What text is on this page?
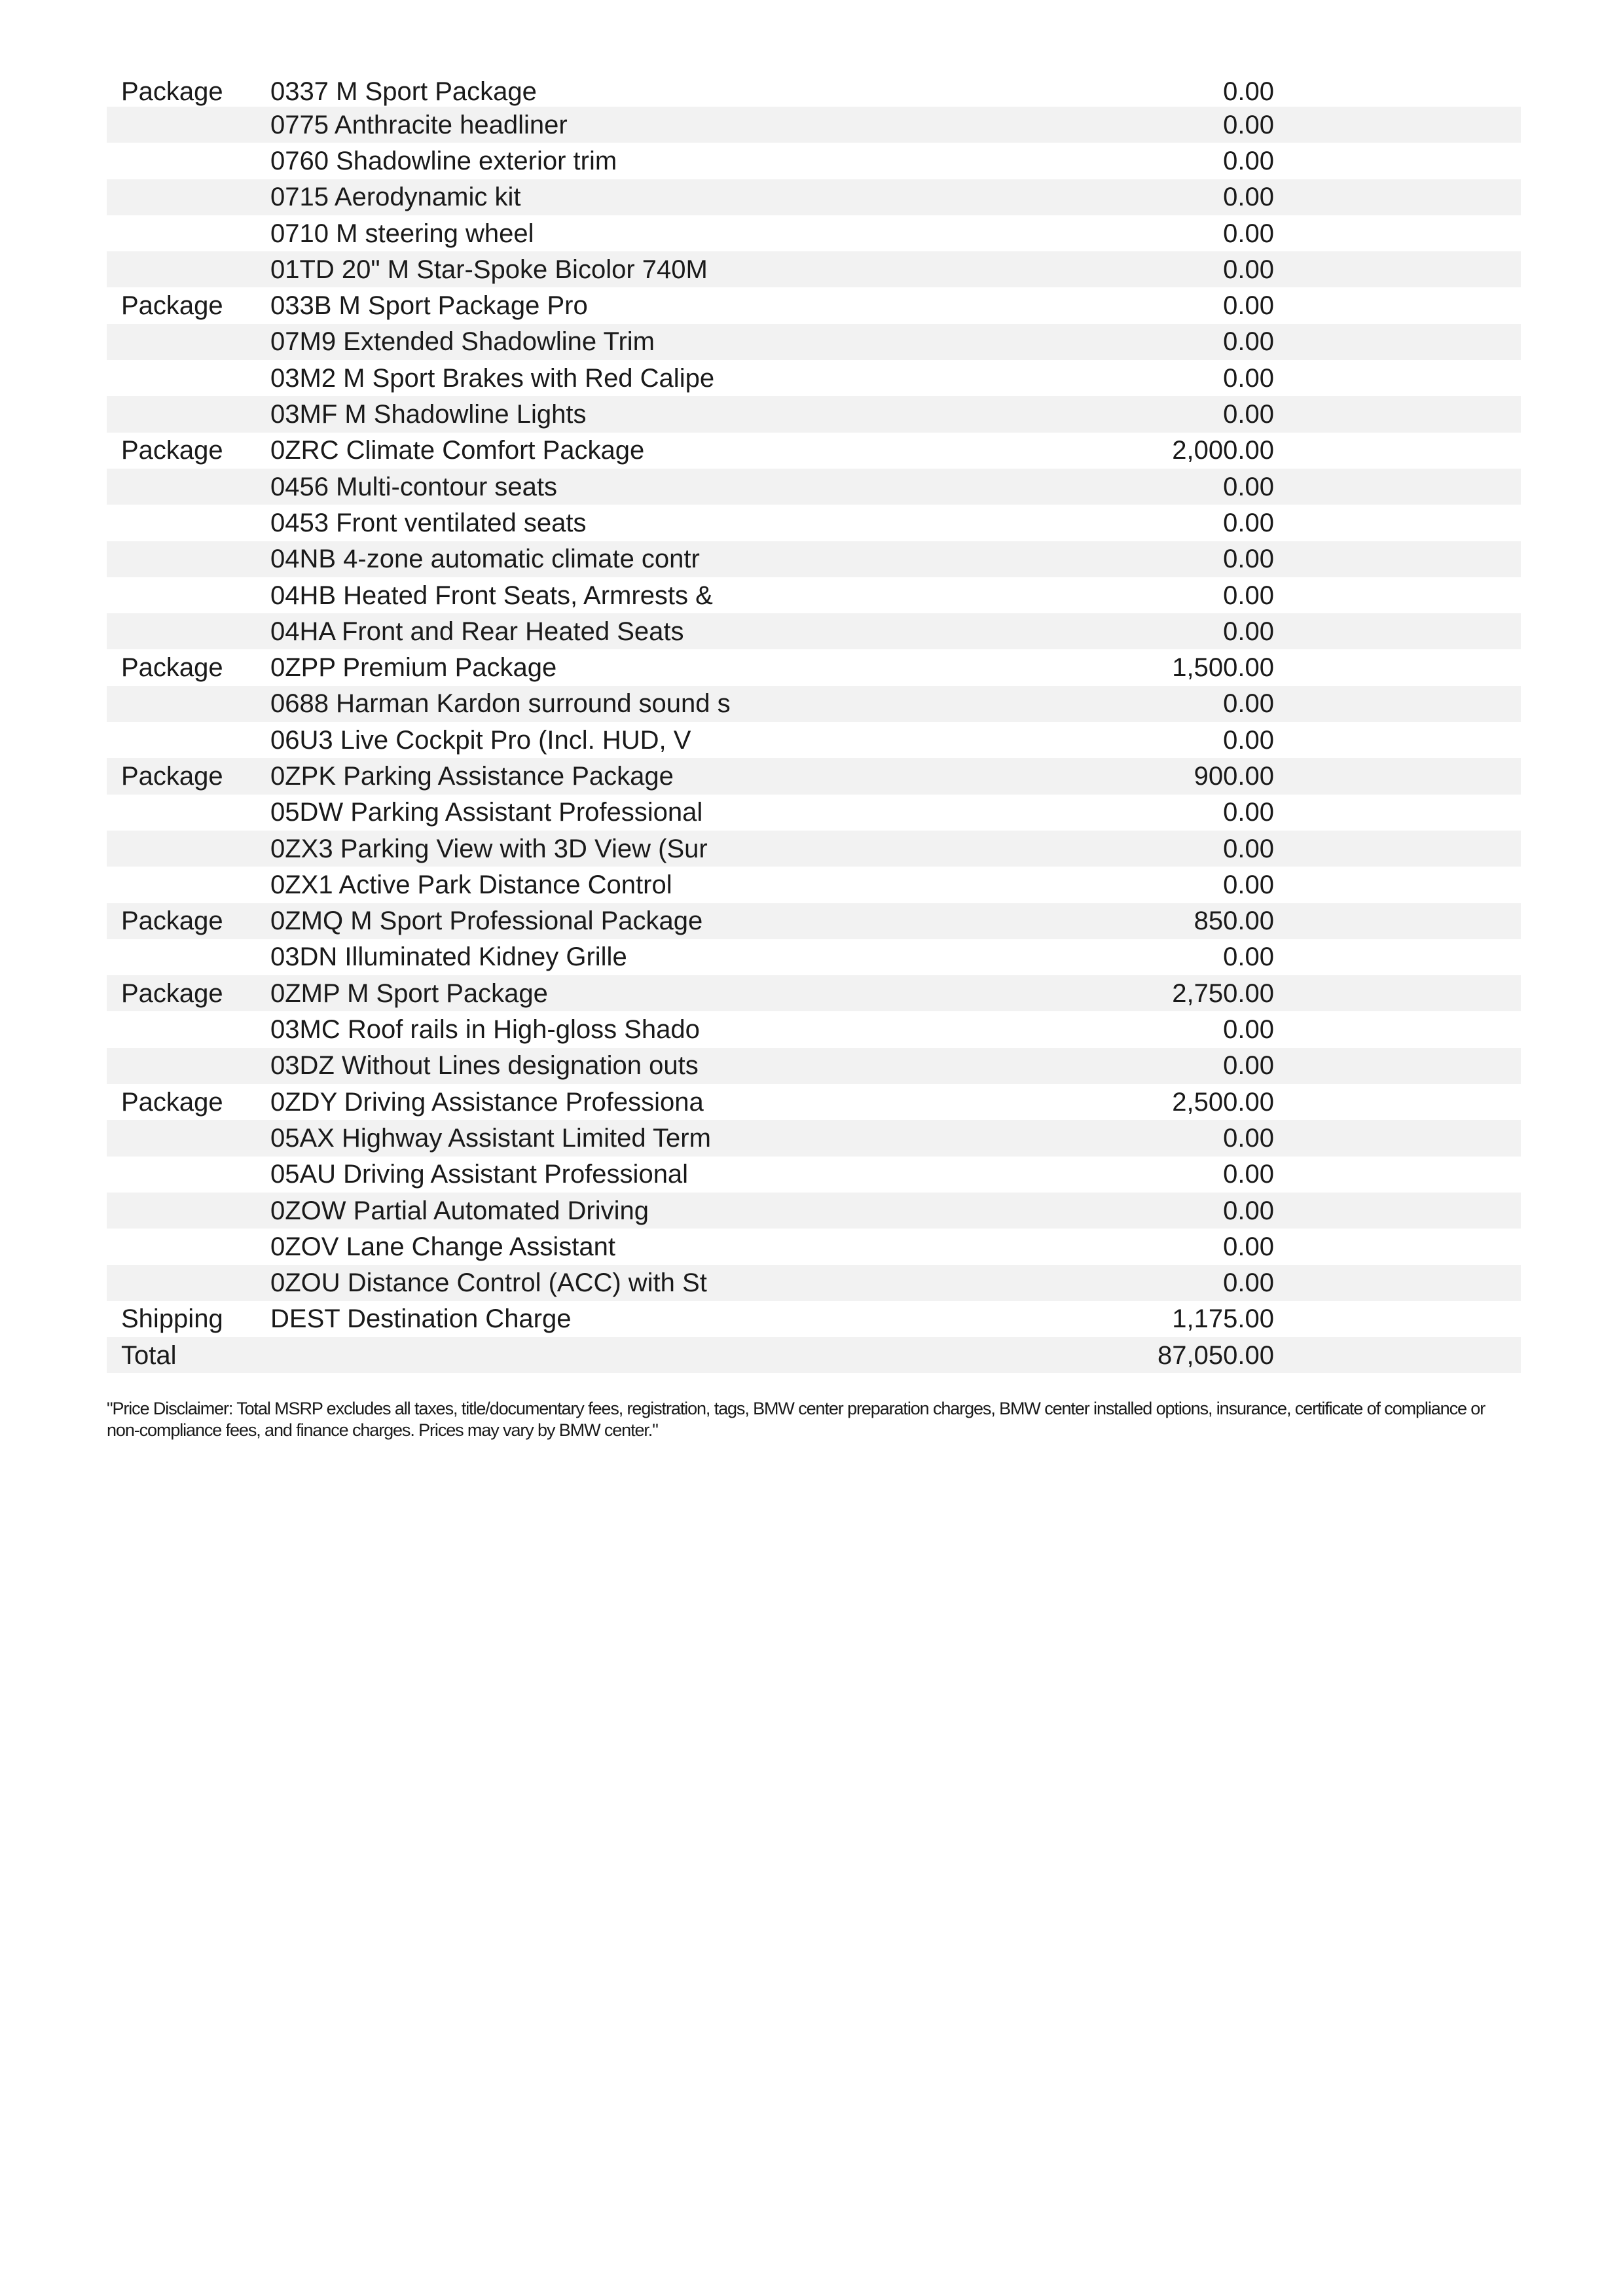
Package	0337 M Sport Package	0.00
0775 Anthracite headliner	0.00
0760 Shadowline exterior trim	0.00
0715 Aerodynamic kit	0.00
0710 M steering wheel	0.00
01TD 20" M Star-Spoke Bicolor 740M	0.00
Package	033B M Sport Package Pro	0.00
07M9 Extended Shadowline Trim	0.00
03M2 M Sport Brakes with Red Calipe	0.00
03MF M Shadowline Lights	0.00
Package	0ZRC Climate Comfort Package	2,000.00
0456 Multi-contour seats	0.00
0453 Front ventilated seats	0.00
04NB 4-zone automatic climate contr	0.00
04HB Heated Front Seats, Armrests &	0.00
04HA Front and Rear Heated Seats	0.00
Package	0ZPP Premium Package	1,500.00
0688 Harman Kardon surround sound s	0.00
06U3 Live Cockpit Pro (Incl. HUD, V	0.00
Package	0ZPK Parking Assistance Package	900.00
05DW Parking Assistant Professional	0.00
0ZX3 Parking View with 3D View (Sur	0.00
0ZX1 Active Park Distance Control	0.00
Package	0ZMQ M Sport Professional Package	850.00
03DN Illuminated Kidney Grille	0.00
Package	0ZMP M Sport Package	2,750.00
03MC Roof rails in High-gloss Shado	0.00
03DZ Without Lines designation outs	0.00
Package	0ZDY Driving Assistance Professiona	2,500.00
05AX Highway Assistant Limited Term	0.00
05AU Driving Assistant Professional	0.00
0ZOW Partial Automated Driving	0.00
0ZOV Lane Change Assistant	0.00
0ZOU Distance Control (ACC) with St	0.00
Shipping	DEST Destination Charge	1,175.00
Total	87,050.00
"Price Disclaimer: Total MSRP excludes all taxes, title/documentary fees, registration, tags, BMW center preparation charges, BMW center installed options, insurance, certificate of compliance or non-compliance fees, and finance charges. Prices may vary by BMW center."
